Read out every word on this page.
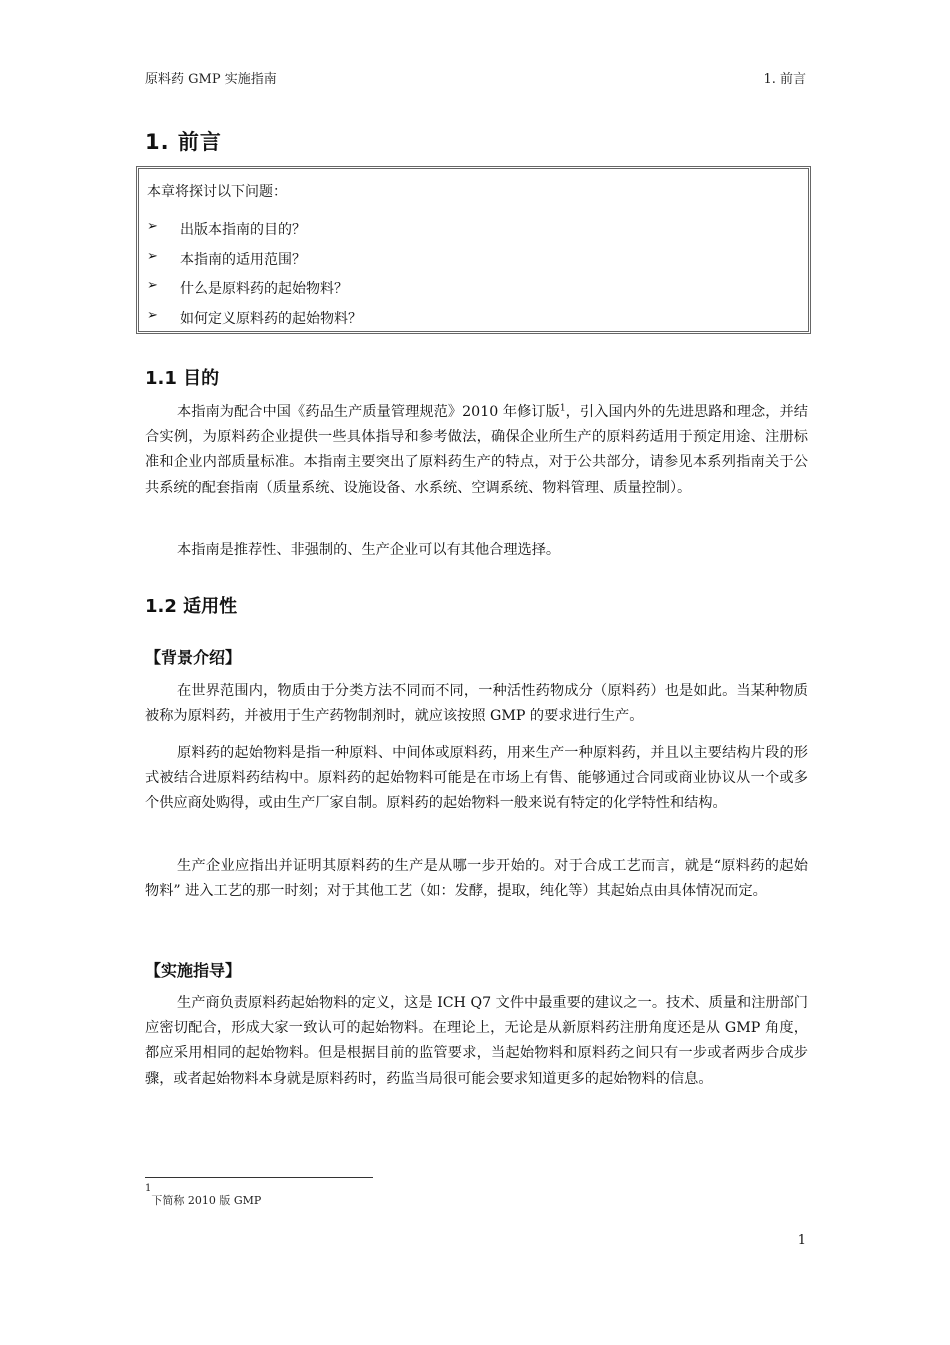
原料药 GMP 实施指南	1. 前言
1. 前言
本章将探讨以下问题：
➢	出版本指南的目的？
➢	本指南的适用范围？
➢	什么是原料药的起始物料？
➢	如何定义原料药的起始物料？
1.1 目的

本指南为配合中国《药品生产质量管理规范》2010 年修订版$^1$，引入国内外的先进思路和理念，并结合实例，为原料药企业提供一些具体指导和参考做法，确保企业所生产的原料药适用于预定用途、注册标准和企业内部质量标准。本指南主要突出了原料药生产的特点，对于公共部分，请参见本系列指南关于公共系统的配套指南（质量系统、设施设备、水系统、空调系统、物料管理、质量控制）。

本指南是推荐性、非强制的、生产企业可以有其他合理选择。

1.2 适用性
【背景介绍】

在世界范围内，物质由于分类方法不同而不同，一种活性药物成分（原料药）也是如此。当某种物质被称为原料药，并被用于生产药物制剂时，就应该按照 GMP 的要求进行生产。

原料药的起始物料是指一种原料、中间体或原料药，用来生产一种原料药，并且以主要结构片段的形式被结合进原料药结构中。原料药的起始物料可能是在市场上有售、能够通过合同或商业协议从一个或多个供应商处购得，或由生产厂家自制。原料药的起始物料一般来说有特定的化学特性和结构。

生产企业应指出并证明其原料药的生产是从哪一步开始的。对于合成工艺而言，就是“原料药的起始物料” 进入工艺的那一时刻；对于其他工艺（如：发酵，提取，纯化等）其起始点由具体情况而定。

【实施指导】

生产商负责原料药起始物料的定义，这是 ICH Q7 文件中最重要的建议之一。技术、质量和注册部门应密切配合，形成大家一致认可的起始物料。在理论上，无论是从新原料药注册角度还是从 GMP 角度，都应采用相同的起始物料。但是根据目前的监管要求，当起始物料和原料药之间只有一步或者两步合成步骤，或者起始物料本身就是原料药时，药监当局很可能会要求知道更多的起始物料的信息。

$^1$下简称 2010 版 GMP
1
